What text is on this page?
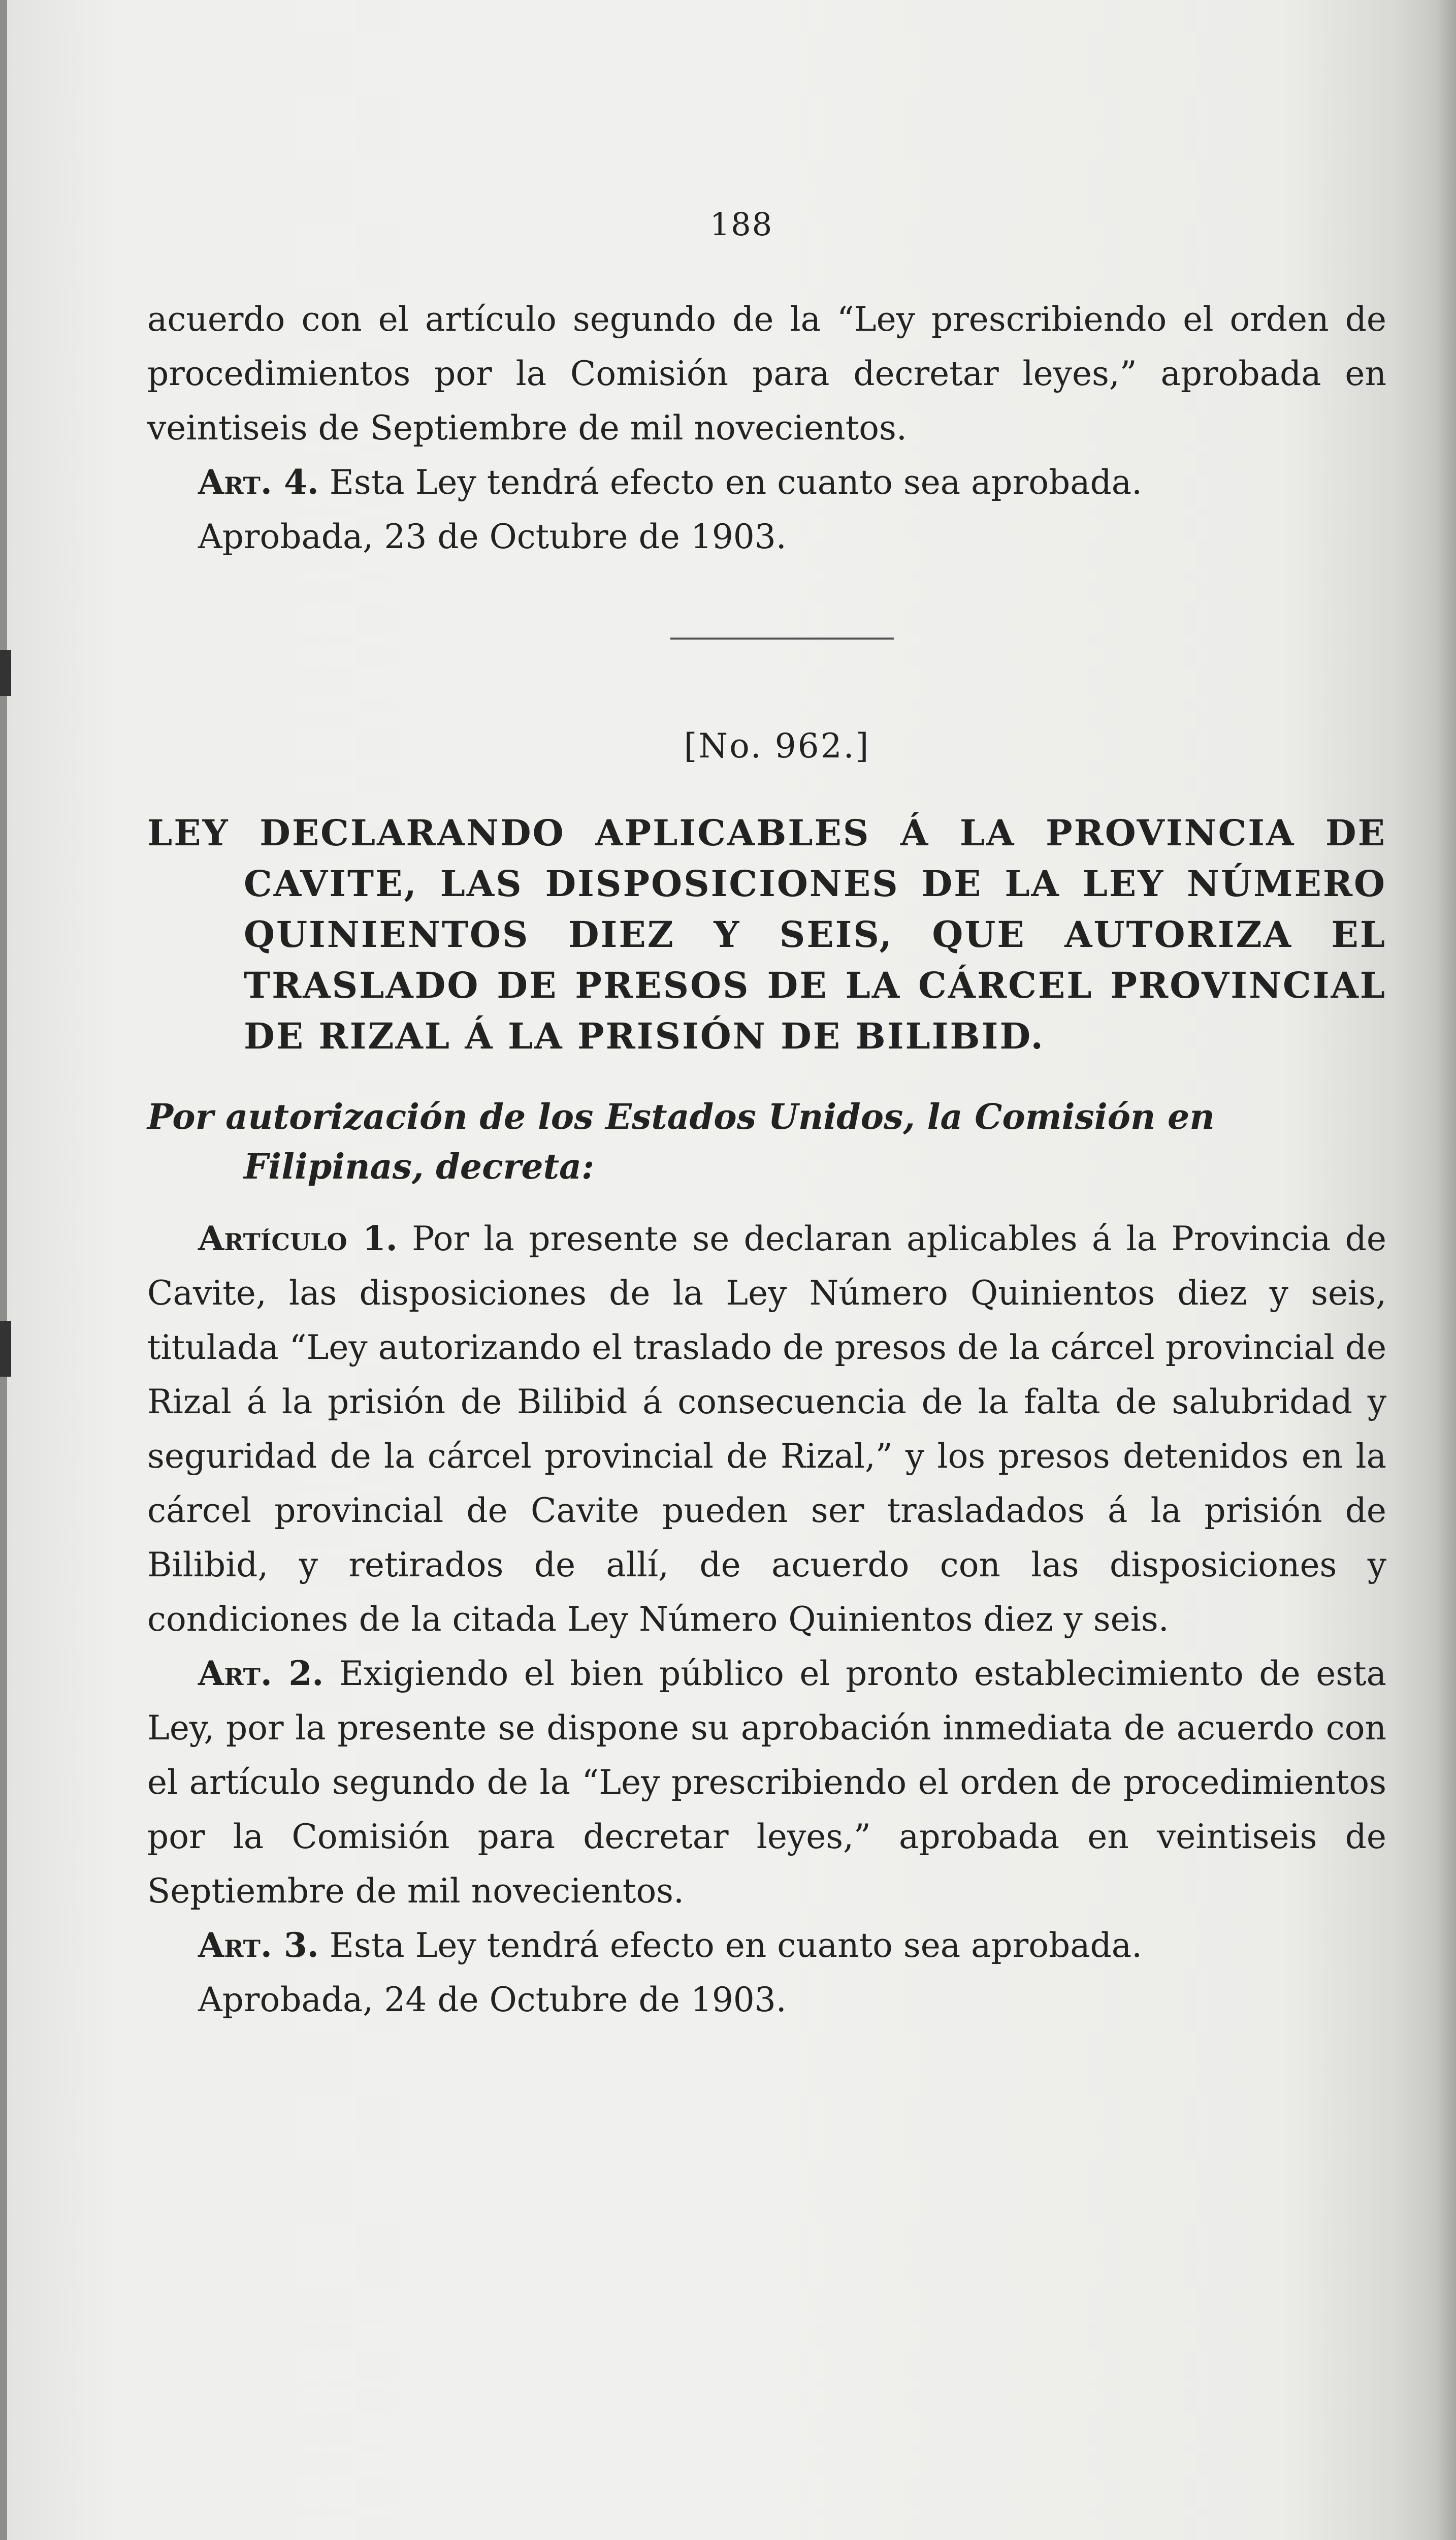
188

acuerdo con el artículo segundo de la “Ley prescribiendo el orden de procedimientos por la Comisión para decretar leyes,” aprobada en veintiseis de Septiembre de mil novecientos.

Art. 4. Esta Ley tendrá efecto en cuanto sea aprobada.

Aprobada, 23 de Octubre de 1903.

[No. 962.]
LEY DECLARANDO APLICABLES Á LA PROVINCIA DE CAVITE, LAS DISPOSICIONES DE LA LEY NÚMERO QUINIENTOS DIEZ Y SEIS, QUE AUTORIZA EL TRASLADO DE PRESOS DE LA CÁRCEL PROVINCIAL DE RIZAL Á LA PRISIÓN DE BILIBID.
Por autorización de los Estados Unidos, la Comisión en Filipinas, decreta:

Artículo 1. Por la presente se declaran aplicables á la Provincia de Cavite, las disposiciones de la Ley Número Quinientos diez y seis, titulada “Ley autorizando el traslado de presos de la cárcel provincial de Rizal á la prisión de Bilibid á consecuencia de la falta de salubridad y seguridad de la cárcel provincial de Rizal,” y los presos detenidos en la cárcel provincial de Cavite pueden ser trasladados á la prisión de Bilibid, y retirados de allí, de acuerdo con las disposiciones y condiciones de la citada Ley Número Quinientos diez y seis.

Art. 2. Exigiendo el bien público el pronto establecimiento de esta Ley, por la presente se dispone su aprobación inmediata de acuerdo con el artículo segundo de la “Ley prescribiendo el orden de procedimientos por la Comisión para decretar leyes,” aprobada en veintiseis de Septiembre de mil novecientos.

Art. 3. Esta Ley tendrá efecto en cuanto sea aprobada.

Aprobada, 24 de Octubre de 1903.
